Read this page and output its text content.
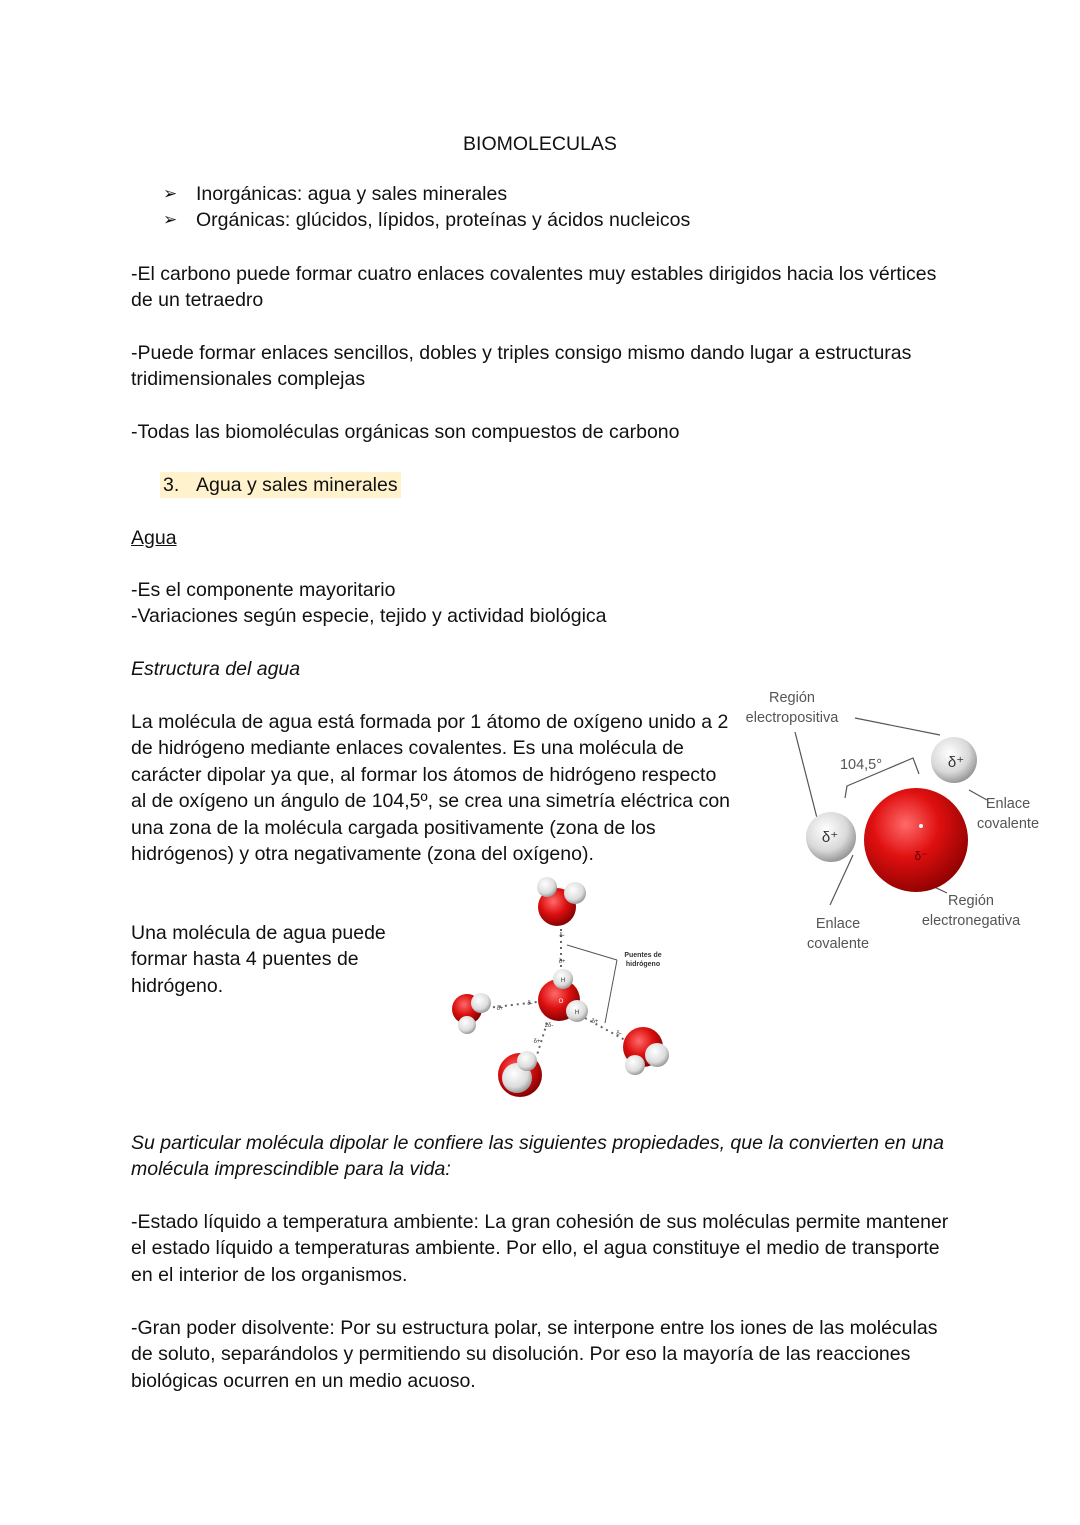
BIOMOLECULAS
➢ Inorgánicas: agua y sales minerales
➢ Orgánicas: glúcidos, lípidos, proteínas y ácidos nucleicos

-El carbono puede formar cuatro enlaces covalentes muy estables dirigidos hacia los vértices de un tetraedro

-Puede formar enlaces sencillos, dobles y triples consigo mismo dando lugar a estructuras tridimensionales complejas

-Todas las biomoléculas orgánicas son compuestos de carbono

3. Agua y sales minerales
Agua

-Es el componente mayoritario

-Variaciones según especie, tejido y actividad biológica

Estructura del agua

La molécula de agua está formada por 1 átomo de oxígeno unido a 2 de hidrógeno mediante enlaces covalentes. Es una molécula de carácter dipolar ya que, al formar los átomos de hidrógeno respecto al de oxígeno un ángulo de 104,5º, se crea una simetría eléctrica con una zona de la molécula cargada positivamente (zona de los hidrógenos) y otra negativamente (zona del oxígeno).

Una molécula de agua puede formar hasta 4 puentes de hidrógeno.

Región
electropositiva
104,5°	δ⁺
δ⁺
δ⁻
Enlace
covalente
Enlace
covalente
Región
electronegativa
δ-
δ+
H
O
H
2δ-
δ+
δ-
δ+
δ-
δ+
Puentes de
hidrógeno

Su particular molécula dipolar le confiere las siguientes propiedades, que la convierten en una molécula imprescindible para la vida:

-Estado líquido a temperatura ambiente: La gran cohesión de sus moléculas permite mantener el estado líquido a temperaturas ambiente. Por ello, el agua constituye el medio de transporte en el interior de los organismos.

-Gran poder disolvente: Por su estructura polar, se interpone entre los iones de las moléculas de soluto, separándolos y permitiendo su disolución. Por eso la mayoría de las reacciones biológicas ocurren en un medio acuoso.
